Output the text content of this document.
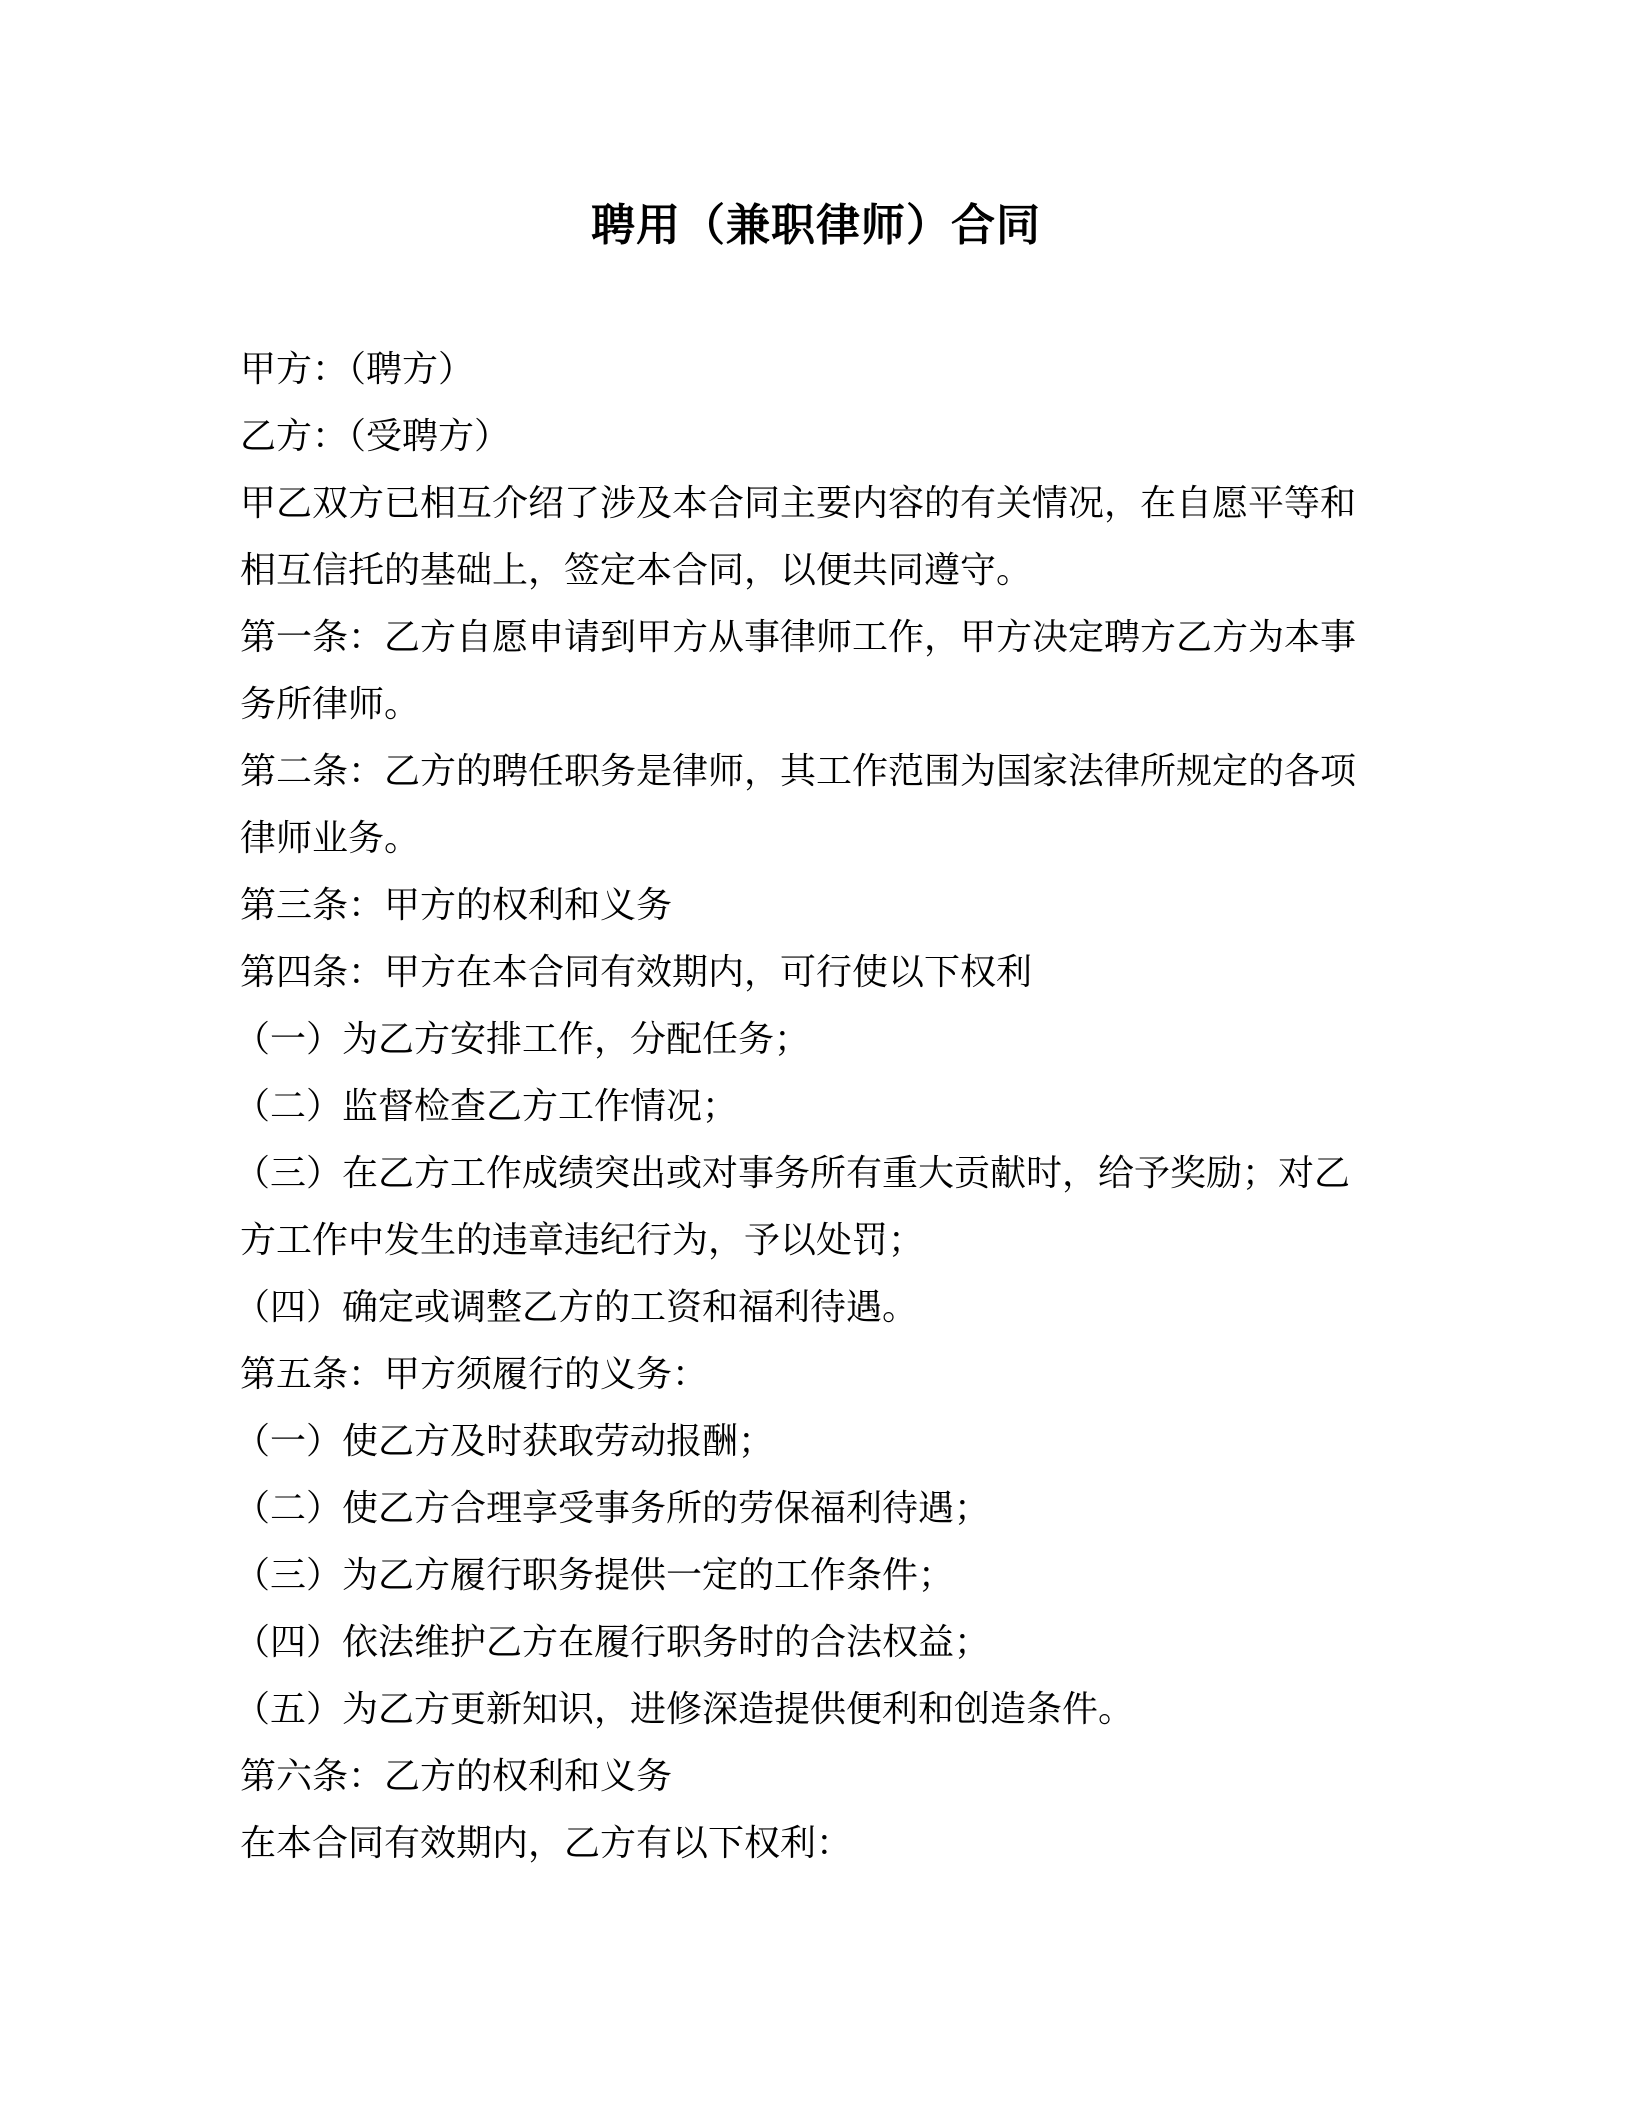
聘用（兼职律师）合同

甲方：（聘方）

乙方：（受聘方）

甲乙双方已相互介绍了涉及本合同主要内容的有关情况，在自愿平等和

相互信托的基础上，签定本合同，以便共同遵守。

第一条：乙方自愿申请到甲方从事律师工作，甲方决定聘方乙方为本事

务所律师。

第二条：乙方的聘任职务是律师，其工作范围为国家法律所规定的各项

律师业务。

第三条：甲方的权利和义务

第四条：甲方在本合同有效期内，可行使以下权利

（一）为乙方安排工作，分配任务；

（二）监督检查乙方工作情况；

（三）在乙方工作成绩突出或对事务所有重大贡献时，给予奖励；对乙

方工作中发生的违章违纪行为，予以处罚；

（四）确定或调整乙方的工资和福利待遇。

第五条：甲方须履行的义务：

（一）使乙方及时获取劳动报酬；

（二）使乙方合理享受事务所的劳保福利待遇；

（三）为乙方履行职务提供一定的工作条件；

（四）依法维护乙方在履行职务时的合法权益；

（五）为乙方更新知识，进修深造提供便利和创造条件。

第六条：乙方的权利和义务

在本合同有效期内，乙方有以下权利：
